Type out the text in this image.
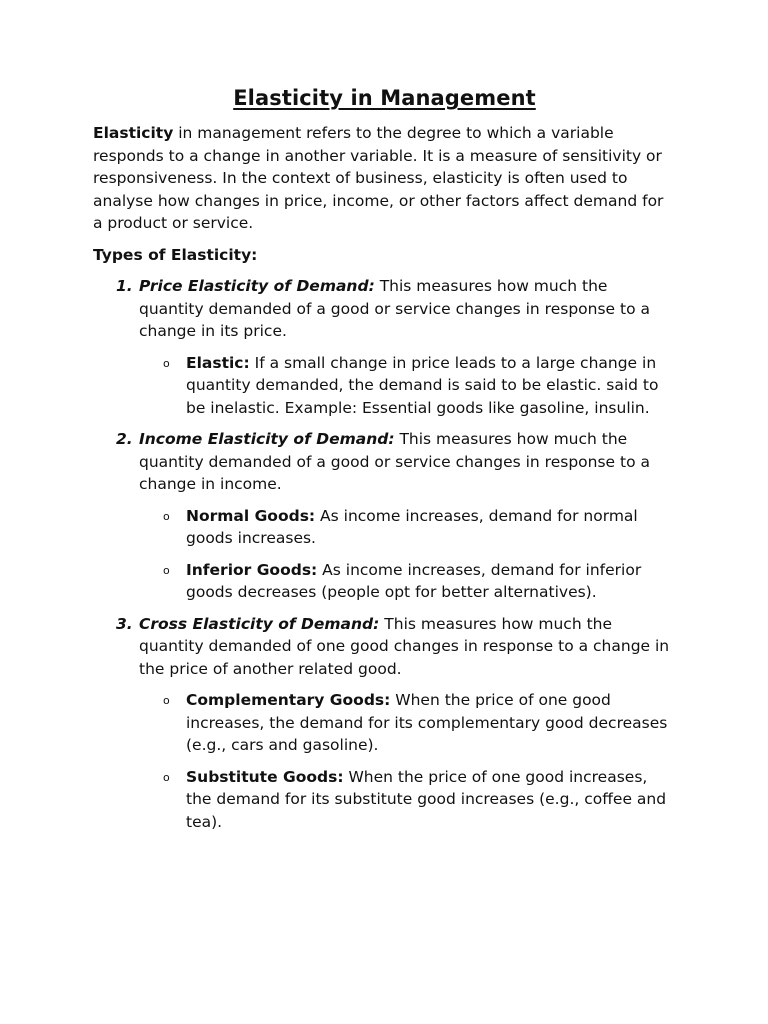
Elasticity in Management

Elasticity in management refers to the degree to which a variable responds to a change in another variable. It is a measure of sensitivity or responsiveness. In the context of business, elasticity is often used to analyse how changes in price, income, or other factors affect demand for a product or service.

Types of Elasticity:
1. Price Elasticity of Demand: This measures how much the quantity demanded of a good or service changes in response to a change in its price.
o Elastic: If a small change in price leads to a large change in quantity demanded, the demand is said to be elastic. said to be inelastic. Example: Essential goods like gasoline, insulin.
2. Income Elasticity of Demand: This measures how much the quantity demanded of a good or service changes in response to a change in income.
o Normal Goods: As income increases, demand for normal goods increases.
o Inferior Goods: As income increases, demand for inferior goods decreases (people opt for better alternatives).
3. Cross Elasticity of Demand: This measures how much the quantity demanded of one good changes in response to a change in the price of another related good.
o Complementary Goods: When the price of one good increases, the demand for its complementary good decreases (e.g., cars and gasoline).
o Substitute Goods: When the price of one good increases, the demand for its substitute good increases (e.g., coffee and tea).
